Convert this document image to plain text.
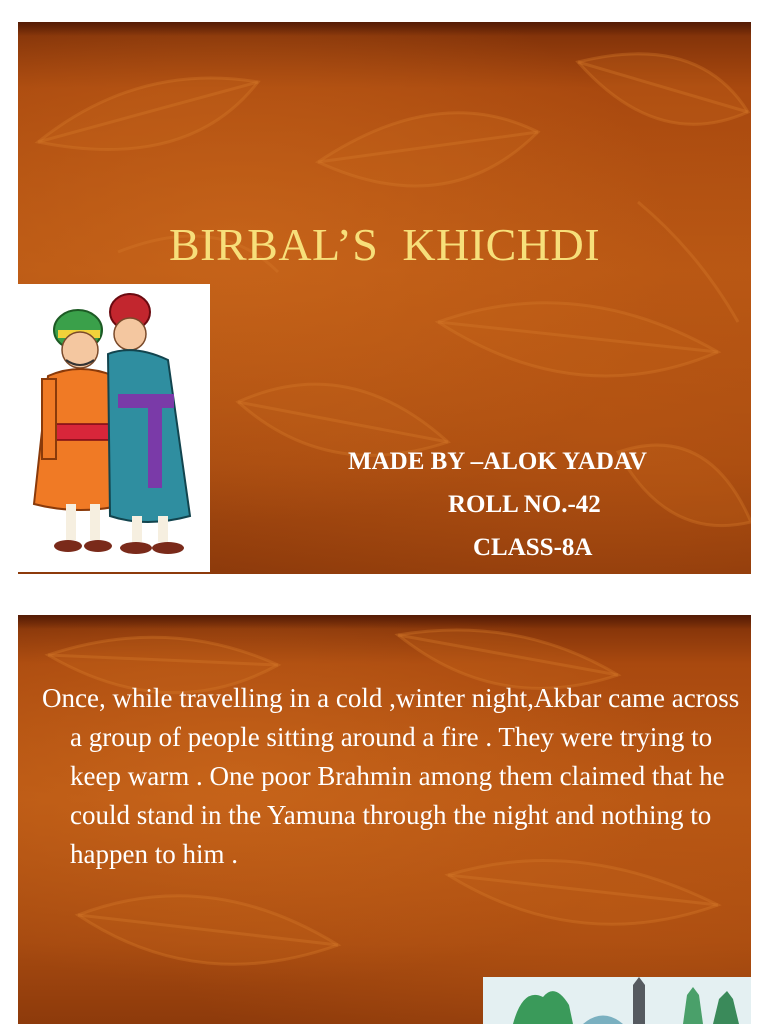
BIRBAL’S  KHICHDI
MADE BY –ALOK YADAV
ROLL NO.-42
CLASS-8A
Once, while travelling in a cold ,winter night,Akbar came across a group of people sitting around a fire . They were trying to keep warm . One poor Brahmin among them claimed that he could stand in the Yamuna through the night and nothing to happen to him .
